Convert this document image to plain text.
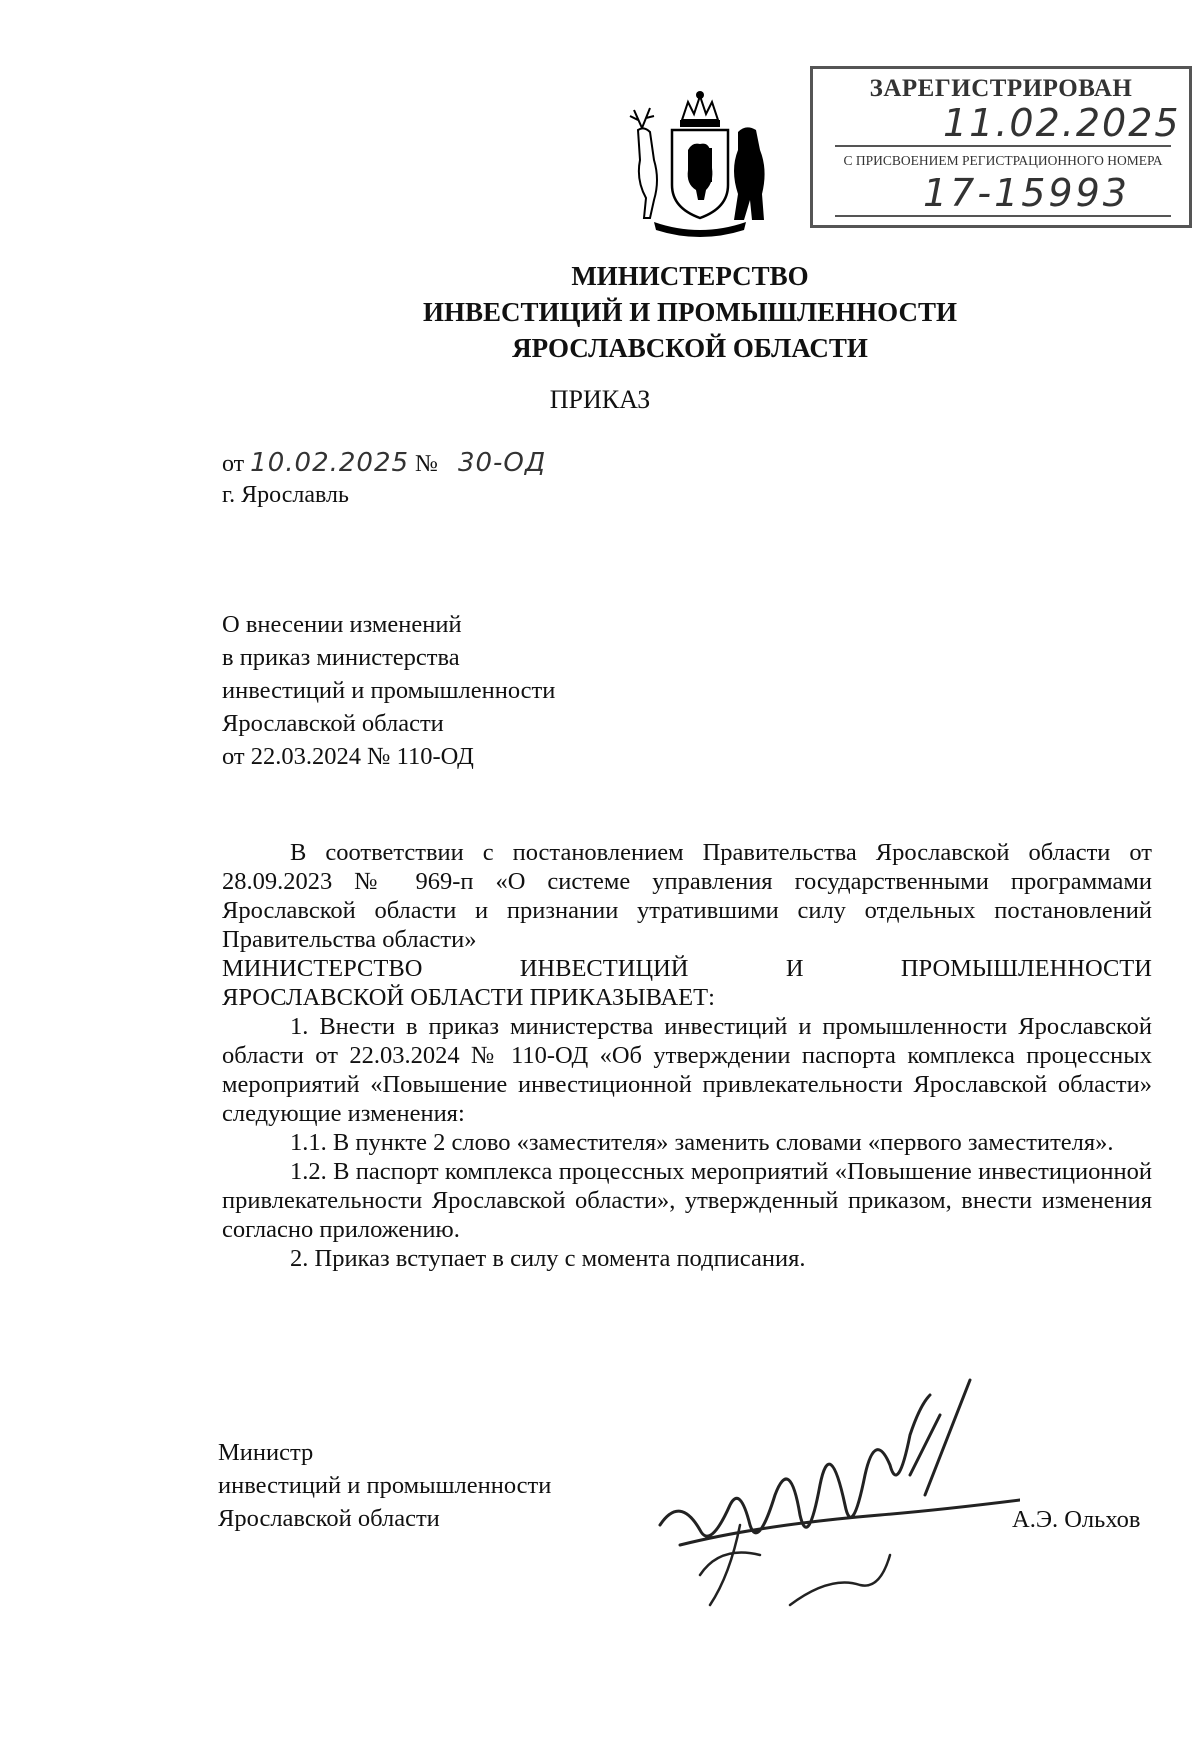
ЗАРЕГИСТРИРОВАН
11.02.2025
С ПРИСВОЕНИЕМ РЕГИСТРАЦИОННОГО НОМЕРА
17-15993
МИНИСТЕРСТВО
ИНВЕСТИЦИЙ И ПРОМЫШЛЕННОСТИ
ЯРОСЛАВСКОЙ ОБЛАСТИ
ПРИКАЗ
от 10.02.2025 № 30-ОД
г. Ярославль
О внесении изменений
в приказ министерства
инвестиций и промышленности
Ярославской области
от 22.03.2024 № 110-ОД

В соответствии с постановлением Правительства Ярославской области от 28.09.2023 № 969-п «О системе управления государственными программами Ярославской области и признании утратившими силу отдельных постановлений Правительства области»

МИНИСТЕРСТВО	ИНВЕСТИЦИЙ	И	ПРОМЫШЛЕННОСТИ

ЯРОСЛАВСКОЙ ОБЛАСТИ ПРИКАЗЫВАЕТ:

1. Внести в приказ министерства инвестиций и промышленности Ярославской области от 22.03.2024 № 110-ОД «Об утверждении паспорта комплекса процессных мероприятий «Повышение инвестиционной привлекательности Ярославской области» следующие изменения:

1.1. В пункте 2 слово «заместителя» заменить словами «первого заместителя».

1.2. В паспорт комплекса процессных мероприятий «Повышение инвестиционной привлекательности Ярославской области», утвержденный приказом, внести изменения согласно приложению.

2. Приказ вступает в силу с момента подписания.

Министр
инвестиций и промышленности
Ярославской области	А.Э. Ольхов
